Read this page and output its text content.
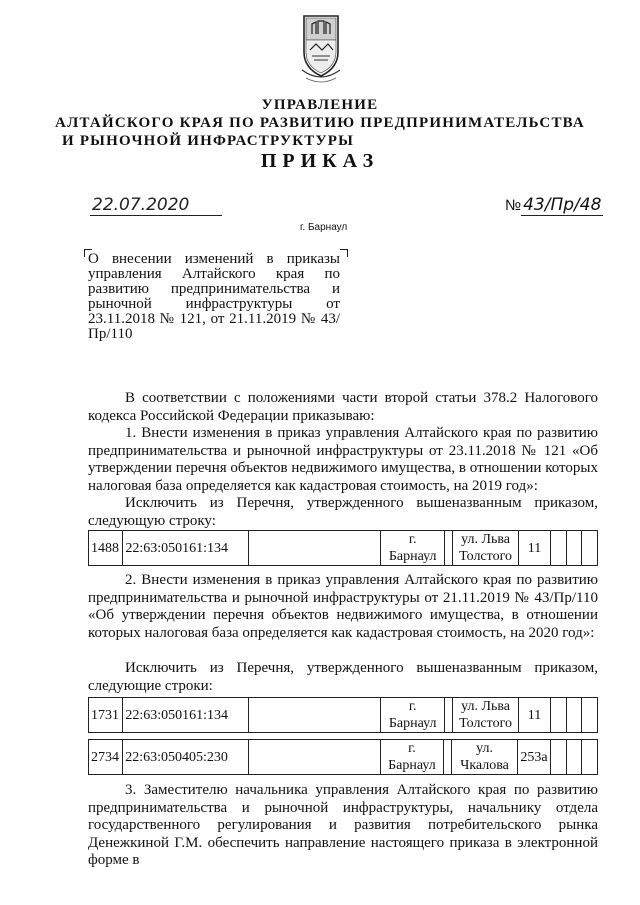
УПРАВЛЕНИЕ
АЛТАЙСКОГО КРАЯ ПО РАЗВИТИЮ ПРЕДПРИНИМАТЕЛЬСТВА
И РЫНОЧНОЙ ИНФРАСТРУКТУРЫ
ПРИКАЗ
22.07.2020	№ 43/Пр/48
г. Барнаул
О внесении изменений в приказы управления Алтайского края по развитию предпринимательства и рыночной инфраструктуры от 23.11.2018 № 121, от 21.11.2019 № 43/Пр/110
В соответствии с положениями части второй статьи 378.2 Налогового кодекса Российской Федерации приказываю:
1. Внести изменения в приказ управления Алтайского края по развитию предпринимательства и рыночной инфраструктуры от 23.11.2018 № 121 «Об утверждении перечня объектов недвижимого имущества, в отношении которых налоговая база определяется как кадастровая стоимость, на 2019 год»:
Исключить из Перечня, утвержденного вышеназванным приказом, следующую строку:
1488	22:63:050161:134		г. Барнаул		ул. Льва Толстого	11			
2. Внести изменения в приказ управления Алтайского края по развитию предпринимательства и рыночной инфраструктуры от 21.11.2019 № 43/Пр/110 «Об утверждении перечня объектов недвижимого имущества, в отношении которых налоговая база определяется как кадастровая стоимость, на 2020 год»:
Исключить из Перечня, утвержденного вышеназванным приказом, следующие строки:
1731	22:63:050161:134		г. Барнаул		ул. Льва Толстого	11			
2734	22:63:050405:230		г. Барнаул		ул. Чкалова	253а			
3. Заместителю начальника управления Алтайского края по развитию предпринимательства и рыночной инфраструктуры, начальнику отдела государственного регулирования и развития потребительского рынка Денежкиной Г.М. обеспечить направление настоящего приказа в электронной форме в
